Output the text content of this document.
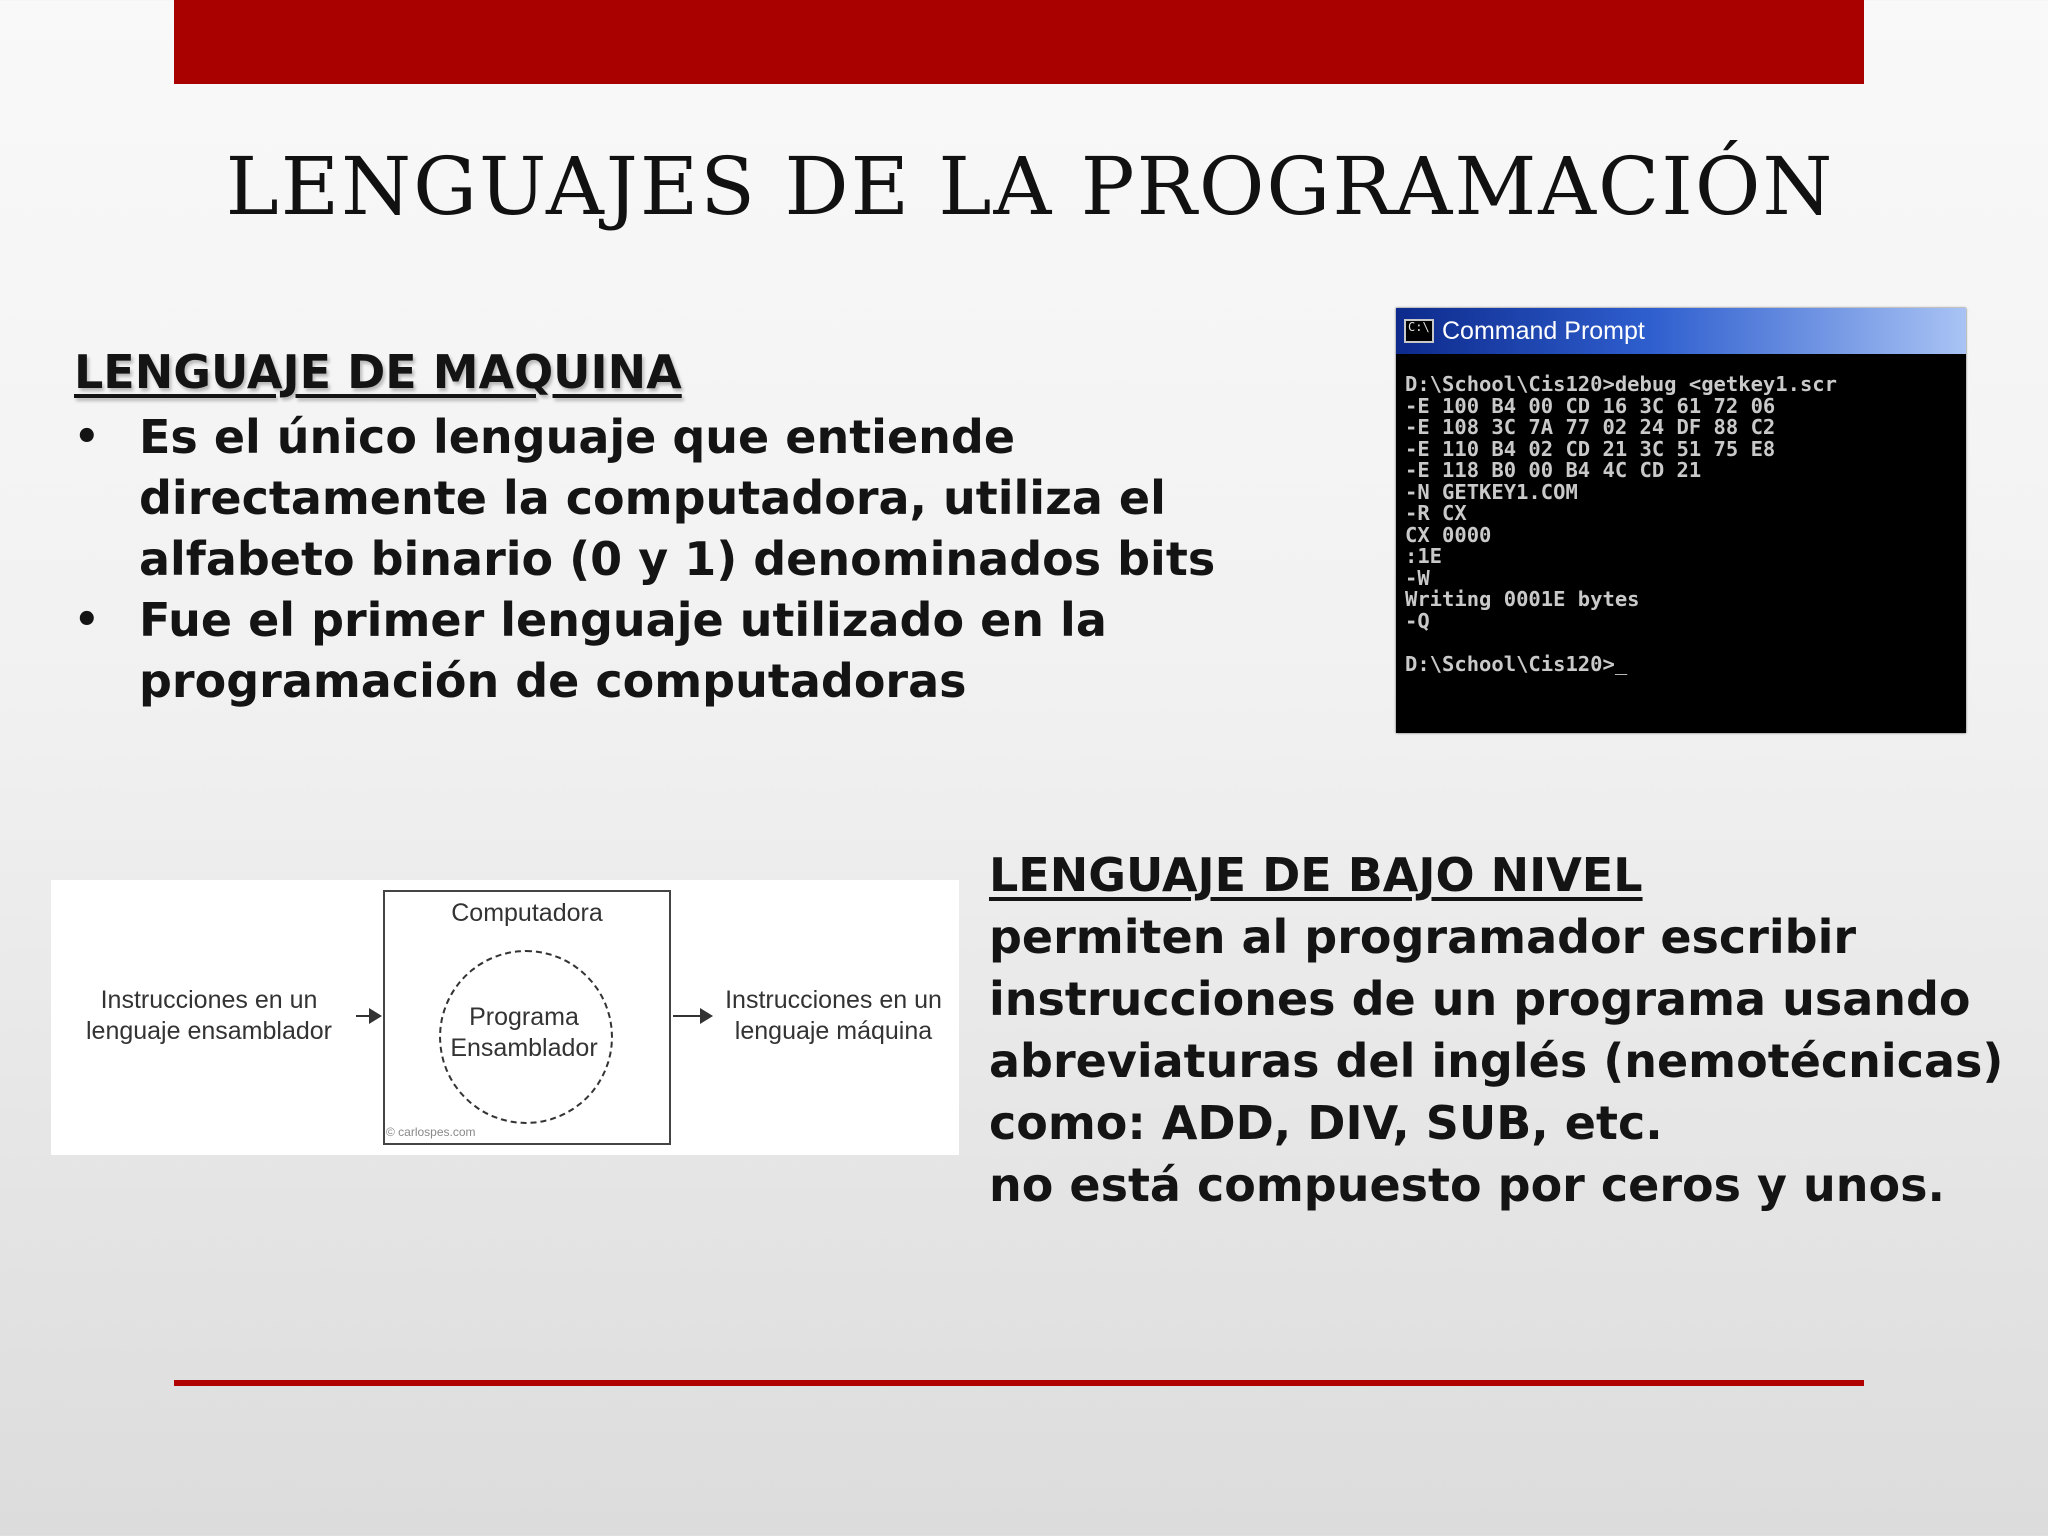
LENGUAJES DE LA PROGRAMACIÓN
LENGUAJE DE MAQUINA
• Es el único lenguaje que entiende directamente la computadora, utiliza el alfabeto binario (0 y 1) denominados bits
• Fue el primer lenguaje utilizado en la programación de computadoras
C:\ Command Prompt
D:\School\Cis120>debug <getkey1.scr
-E 100 B4 00 CD 16 3C 61 72 06
-E 108 3C 7A 77 02 24 DF 88 C2
-E 110 B4 02 CD 21 3C 51 75 E8
-E 118 B0 00 B4 4C CD 21
-N GETKEY1.COM
-R CX
CX 0000
:1E
-W
Writing 0001E bytes
-Q

D:\School\Cis120>_
Computadora
Programa
Ensamblador
Instrucciones en un
lenguaje ensamblador
Instrucciones en un
lenguaje máquina
© carlospes.com
LENGUAJE DE BAJO NIVEL

permiten al programador escribir

instrucciones de un programa usando

abreviaturas del inglés (nemotécnicas)

como: ADD, DIV, SUB, etc.

no está compuesto por ceros y unos.
